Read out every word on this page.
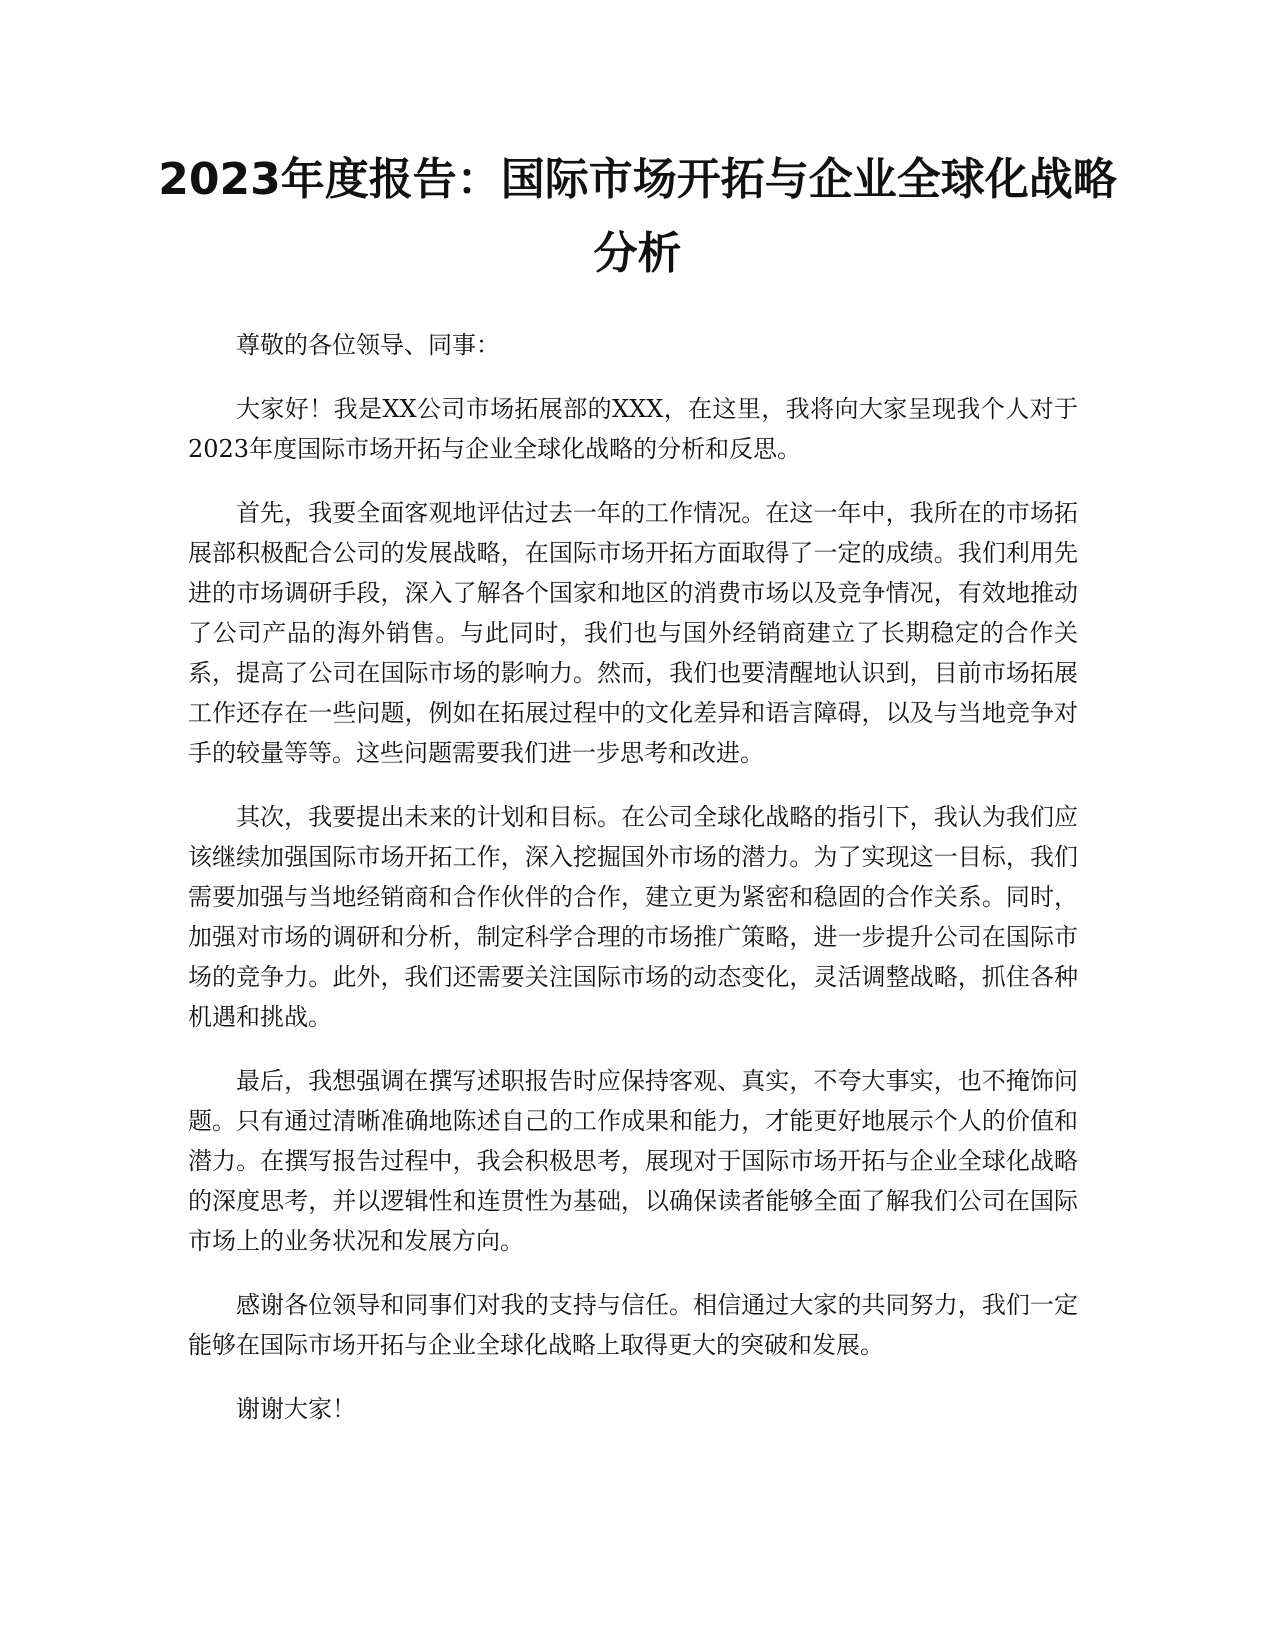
2023年度报告：国际市场开拓与企业全球化战略分析

尊敬的各位领导、同事：

大家好！我是XX公司市场拓展部的XXX，在这里，我将向大家呈现我个人对于2023年度国际市场开拓与企业全球化战略的分析和反思。

首先，我要全面客观地评估过去一年的工作情况。在这一年中，我所在的市场拓展部积极配合公司的发展战略，在国际市场开拓方面取得了一定的成绩。我们利用先进的市场调研手段，深入了解各个国家和地区的消费市场以及竞争情况，有效地推动了公司产品的海外销售。与此同时，我们也与国外经销商建立了长期稳定的合作关系，提高了公司在国际市场的影响力。然而，我们也要清醒地认识到，目前市场拓展工作还存在一些问题，例如在拓展过程中的文化差异和语言障碍，以及与当地竞争对手的较量等等。这些问题需要我们进一步思考和改进。

其次，我要提出未来的计划和目标。在公司全球化战略的指引下，我认为我们应该继续加强国际市场开拓工作，深入挖掘国外市场的潜力。为了实现这一目标，我们需要加强与当地经销商和合作伙伴的合作，建立更为紧密和稳固的合作关系。同时，加强对市场的调研和分析，制定科学合理的市场推广策略，进一步提升公司在国际市场的竞争力。此外，我们还需要关注国际市场的动态变化，灵活调整战略，抓住各种机遇和挑战。

最后，我想强调在撰写述职报告时应保持客观、真实，不夸大事实，也不掩饰问题。只有通过清晰准确地陈述自己的工作成果和能力，才能更好地展示个人的价值和潜力。在撰写报告过程中，我会积极思考，展现对于国际市场开拓与企业全球化战略的深度思考，并以逻辑性和连贯性为基础，以确保读者能够全面了解我们公司在国际市场上的业务状况和发展方向。

感谢各位领导和同事们对我的支持与信任。相信通过大家的共同努力，我们一定能够在国际市场开拓与企业全球化战略上取得更大的突破和发展。

谢谢大家！
